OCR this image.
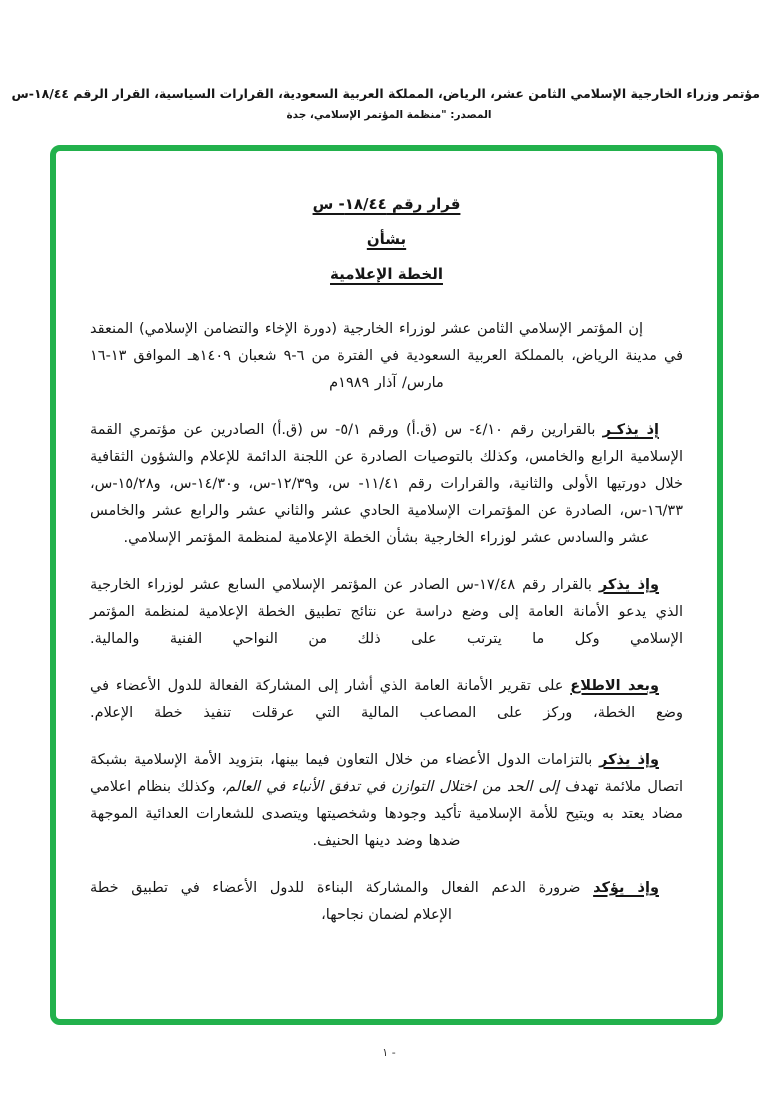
مؤتمر وزراء الخارجية الإسلامي الثامن عشر، الرياض، المملكة العربية السعودية، القرارات السياسية، القرار الرقم ١٨/٤٤-س
المصدر: "منظمة المؤتمر الإسلامي، جدة
قرار رقم ١٨/٤٤- س
بشأن
الخطة الإعلامية

إن المؤتمر الإسلامي الثامن عشر لوزراء الخارجية (دورة الإخاء والتضامن الإسلامي) المنعقد في مدينة الرياض، بالمملكة العربية السعودية في الفترة من ٦-٩ شعبان ١٤٠٩هـ الموافق ١٣-١٦ مارس/ آذار ١٩٨٩م

إذ يذكـر بالقرارين رقم ٤/١٠- س (ق.أ) ورقم ٥/١- س (ق.أ) الصادرين عن مؤتمري القمة الإسلامية الرابع والخامس، وكذلك بالتوصيات الصادرة عن اللجنة الدائمة للإعلام والشؤون الثقافية خلال دورتيها الأولى والثانية، والقرارات رقم ١١/٤١- س، و١٢/٣٩-س، و١٤/٣٠-س، و١٥/٢٨-س، ١٦/٣٣-س، الصادرة عن المؤتمرات الإسلامية الحادي عشر والثاني عشر والرابع عشر والخامس عشر والسادس عشر لوزراء الخارجية بشأن الخطة الإعلامية لمنظمة المؤتمر الإسلامي.

وإذ يذكر بالقرار رقم ١٧/٤٨-س الصادر عن المؤتمر الإسلامي السابع عشر لوزراء الخارجية الذي يدعو الأمانة العامة إلى وضع دراسة عن نتائج تطبيق الخطة الإعلامية لمنظمة المؤتمر الإسلامي وكل ما يترتب على ذلك من النواحي الفنية والمالية.

وبعد الاطلاع على تقرير الأمانة العامة الذي أشار إلى المشاركة الفعالة للدول الأعضاء في وضع الخطة، وركز على المصاعب المالية التي عرقلت تنفيذ خطة الإعلام.

وإذ يذكر بالتزامات الدول الأعضاء من خلال التعاون فيما بينها، بتزويد الأمة الإسلامية بشبكة اتصال ملائمة تهدف إلى الحد من اختلال التوازن في تدفق الأنباء في العالم، وكذلك بنظام اعلامي مضاد يعتد به ويتيح للأمة الإسلامية تأكيد وجودها وشخصيتها ويتصدى للشعارات العدائية الموجهة ضدها وضد دينها الحنيف.

وإذ يؤكد ضرورة الدعم الفعال والمشاركة البناءة للدول الأعضاء في تطبيق خطة
الإعلام لضمان نجاحها،
- ١
